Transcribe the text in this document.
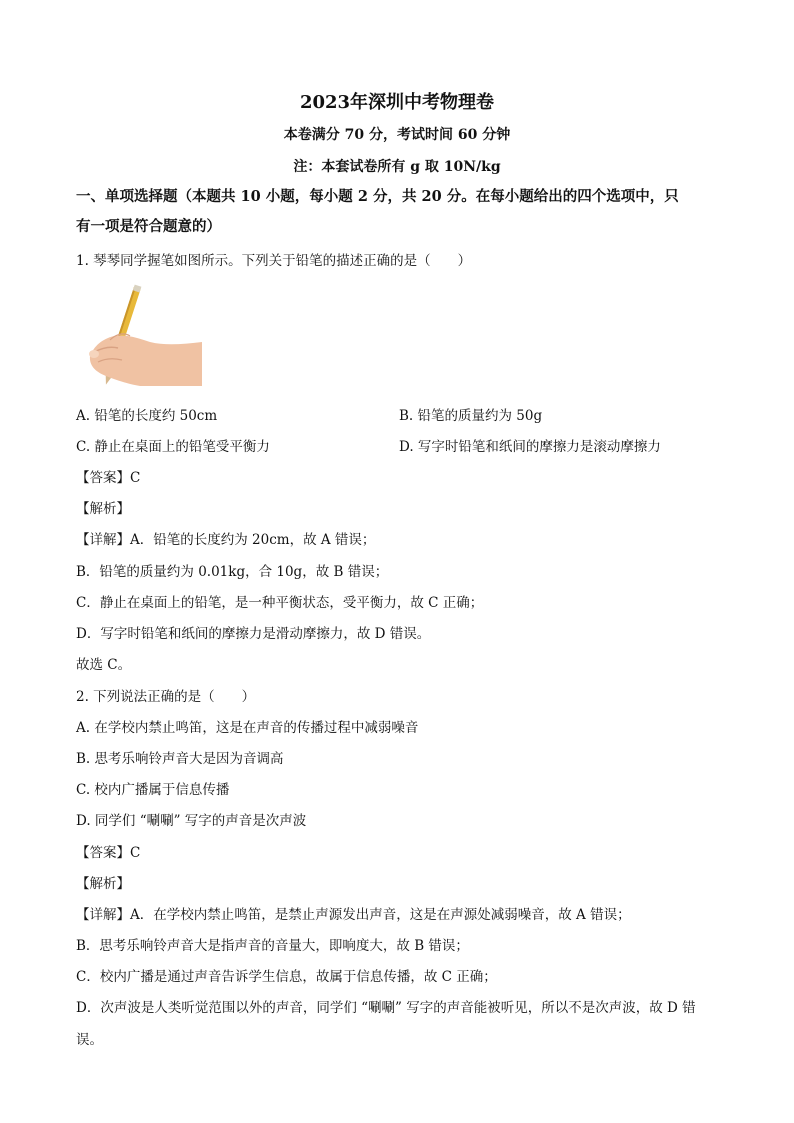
2023年深圳中考物理卷
本卷满分 70 分，考试时间 60 分钟
注：本套试卷所有 g 取 10N/kg
一、单项选择题（本题共 10 小题，每小题 2 分，共 20 分。在每小题给出的四个选项中，只
有一项是符合题意的）
1. 琴琴同学握笔如图所示。下列关于铅笔的描述正确的是（　　）
A. 铅笔的长度约 50cm	B. 铅笔的质量约为 50g
C. 静止在桌面上的铅笔受平衡力	D. 写字时铅笔和纸间的摩擦力是滚动摩擦力
【答案】C
【解析】
【详解】A．铅笔的长度约为 20cm，故 A 错误；
B．铅笔的质量约为 0.01kg，合 10g，故 B 错误；
C．静止在桌面上的铅笔，是一种平衡状态，受平衡力，故 C 正确；
D．写字时铅笔和纸间的摩擦力是滑动摩擦力，故 D 错误。
故选 C。
2. 下列说法正确的是（　　）
A. 在学校内禁止鸣笛，这是在声音的传播过程中减弱噪音
B. 思考乐响铃声音大是因为音调高
C. 校内广播属于信息传播
D. 同学们 “唰唰” 写字的声音是次声波
【答案】C
【解析】
【详解】A．在学校内禁止鸣笛，是禁止声源发出声音，这是在声源处减弱噪音，故 A 错误；
B．思考乐响铃声音大是指声音的音量大，即响度大，故 B 错误；
C．校内广播是通过声音告诉学生信息，故属于信息传播，故 C 正确；
D．次声波是人类听觉范围以外的声音，同学们 “唰唰” 写字的声音能被听见，所以不是次声波，故 D 错
误。
